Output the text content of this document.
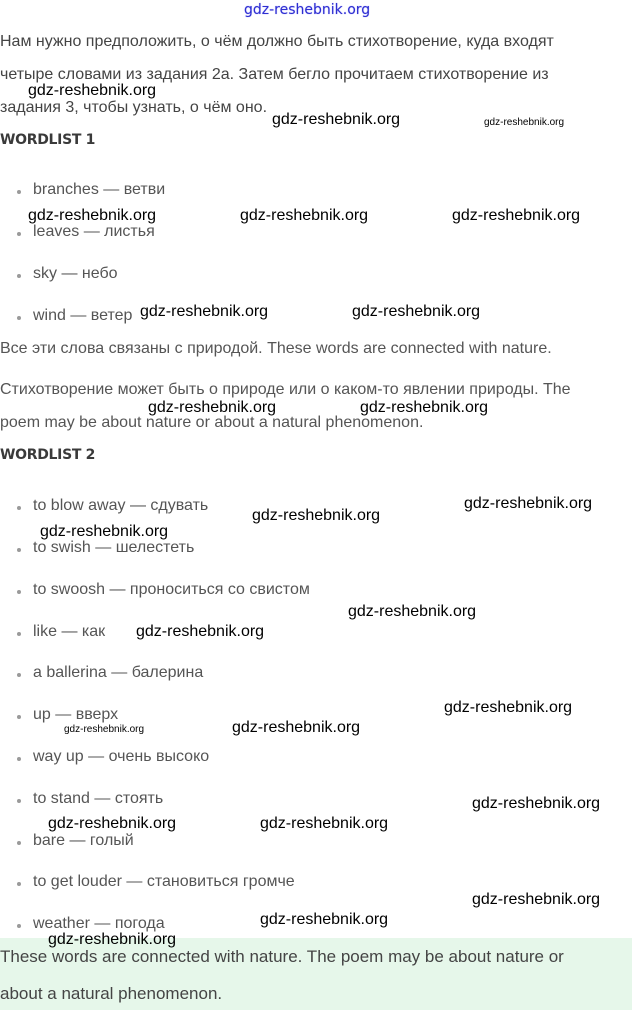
gdz-reshebnik.org
Нам нужно предположить, о чём должно быть стихотворение, куда входят
четыре словами из задания 2а. Затем бегло прочитаем стихотворение из
задания 3, чтобы узнать, о чём оно.
WORDLIST 1
branches — ветви
leaves — листья
sky — небо
wind — ветер
Все эти слова связаны с природой. These words are connected with nature.
Стихотворение может быть о природе или о каком-то явлении природы. The
poem may be about nature or about a natural phenomenon.
WORDLIST 2
to blow away — сдувать
to swish — шелестеть
to swoosh — проноситься со свистом
like — как
a ballerina — балерина
up — вверх
way up — очень высоко
to stand — стоять
bare — голый
to get louder — становиться громче
weather — погода
These words are connected with nature. The poem may be about nature or
about a natural phenomenon.
gdz-reshebnik.org
gdz-reshebnik.org	gdz-reshebnik.org
gdz-reshebnik.org	gdz-reshebnik.org	gdz-reshebnik.org
gdz-reshebnik.org	gdz-reshebnik.org
gdz-reshebnik.org	gdz-reshebnik.org
gdz-reshebnik.org
gdz-reshebnik.org
gdz-reshebnik.org
gdz-reshebnik.org
gdz-reshebnik.org
gdz-reshebnik.org
gdz-reshebnik.org
gdz-reshebnik.org
gdz-reshebnik.org
gdz-reshebnik.org	gdz-reshebnik.org
gdz-reshebnik.org
gdz-reshebnik.org
gdz-reshebnik.org
